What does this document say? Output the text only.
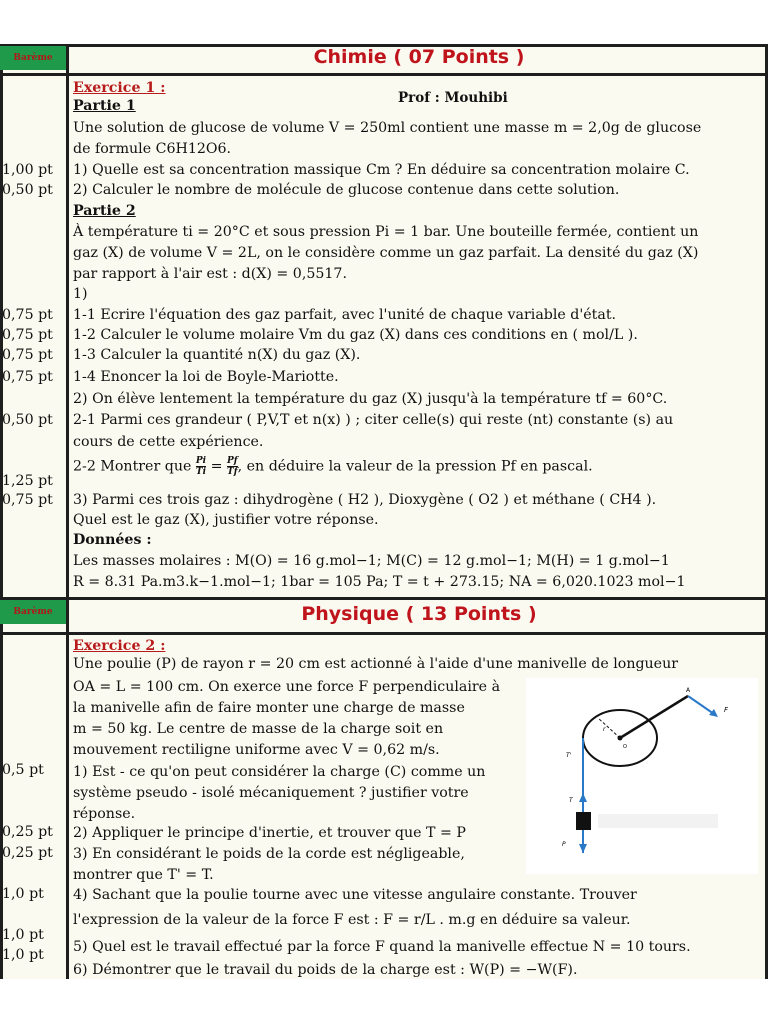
Barème	Chimie ( 07 Points )
Exercice 1 :
Prof : Mouhibi
Partie 1
Une solution de glucose de volume V = 250ml contient une masse m = 2,0g de glucose
de formule C6H12O6.
1,00 pt 1) Quelle est sa concentration massique Cm ? En déduire sa concentration molaire C.
0,50 pt 2) Calculer le nombre de molécule de glucose contenue dans cette solution.
Partie 2
À température ti = 20°C et sous pression Pi = 1 bar. Une bouteille fermée, contient un
gaz (X) de volume V = 2L, on le considère comme un gaz parfait. La densité du gaz (X)
par rapport à l'air est : d(X) = 0,5517.
1)
0,75 pt 1-1 Ecrire l'équation des gaz parfait, avec l'unité de chaque variable d'état.
0,75 pt 1-2 Calculer le volume molaire Vm du gaz (X) dans ces conditions en ( mol/L ).
0,75 pt 1-3 Calculer la quantité n(X) du gaz (X).
0,75 pt 1-4 Enoncer la loi de Boyle-Mariotte.
2) On élève lentement la température du gaz (X) jusqu'à la température tf = 60°C.
0,50 pt 2-1 Parmi ces grandeur ( P,V,T et n(x) ) ; citer celle(s) qui reste (nt) constante (s) au
cours de cette expérience.
2-2 Montrer que $\frac{Pi}{Ti} = \frac{Pf}{Tf}$ , en déduire la valeur de la pression Pf en pascal.
1,25 pt
0,75 pt 3) Parmi ces trois gaz : dihydrogène ( H2 ), Dioxygène ( O2 ) et méthane ( CH4 ).
Quel est le gaz (X), justifier votre réponse.
Données :
Les masses molaires : M(O) = 16 g.mol−1; M(C) = 12 g.mol−1; M(H) = 1 g.mol−1
R = 8.31 Pa.m3.k−1.mol−1; 1bar = 105 Pa; T = t + 273.15; NA = 6,020.1023 mol−1
Barème	Physique ( 13 Points )
Exercice 2 :
Une poulie (P) de rayon r = 20 cm est actionné à l'aide d'une manivelle de longueur
OA = L = 100 cm. On exerce une force F perpendiculaire à
la manivelle afin de faire monter une charge de masse
m = 50 kg. Le centre de masse de la charge soit en
mouvement rectiligne uniforme avec V = 0,62 m/s.
0,5 pt 1) Est - ce qu'on peut considérer la charge (C) comme un
système pseudo - isolé mécaniquement ? justifier votre
réponse.
0,25 pt 2) Appliquer le principe d'inertie, et trouver que T = P
0,25 pt 3) En considérant le poids de la corde est négligeable,
montrer que T' = T.
1,0 pt 4) Sachant que la poulie tourne avec une vitesse angulaire constante. Trouver
l'expression de la valeur de la force F est : F = r/L . m.g en déduire sa valeur.
1,0 pt
1,0 pt 5) Quel est le travail effectué par la force F quand la manivelle effectue N = 10 tours.
6) Démontrer que le travail du poids de la charge est : W(P) = −W(F).
A
F
r
O
T'
T
P
